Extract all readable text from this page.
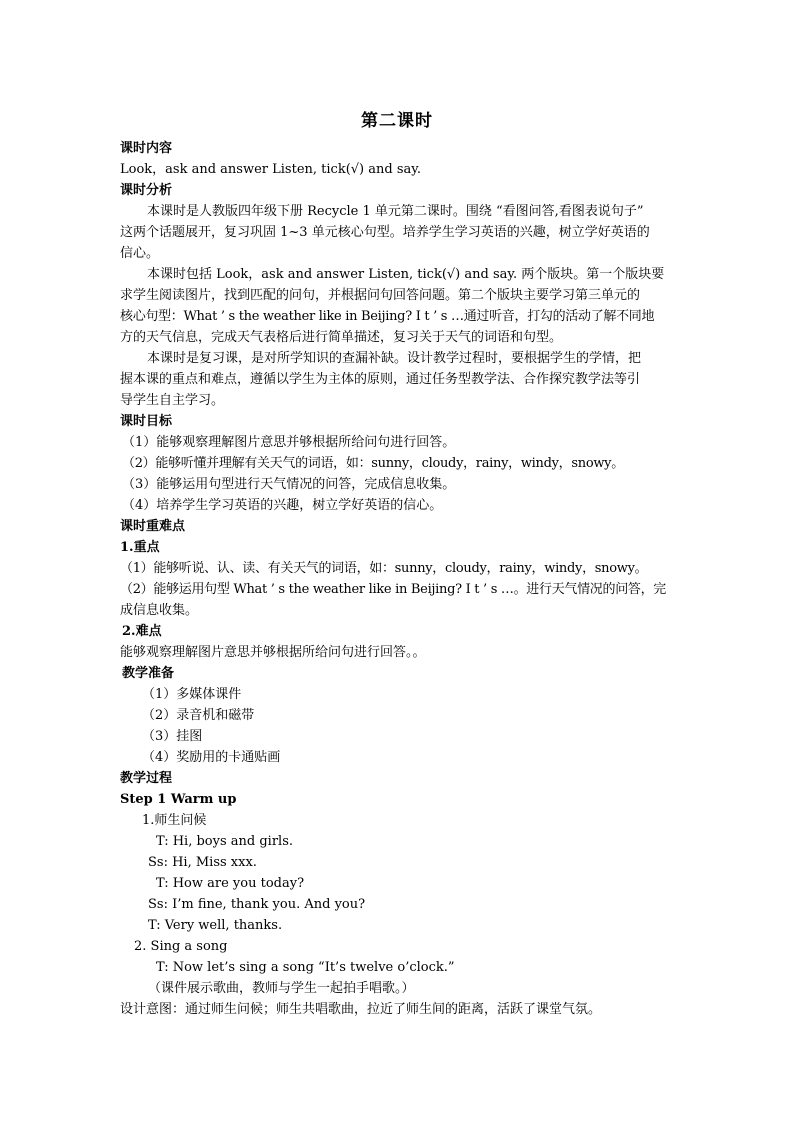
第二课时
课时内容
Look，ask and answer Listen, tick(√) and say.
课时分析
本课时是人教版四年级下册 Recycle 1 单元第二课时。围绕 “看图问答,看图表说句子”
这两个话题展开，复习巩固 1~3 单元核心句型。培养学生学习英语的兴趣，树立学好英语的
信心。
本课时包括 Look，ask and answer Listen, tick(√) and say. 两个版块。第一个版块要
求学生阅读图片，找到匹配的问句，并根据问句回答问题。第二个版块主要学习第三单元的
核心句型：What ’ s the weather like in Beijing? I t ’ s …通过听音，打勾的活动了解不同地
方的天气信息，完成天气表格后进行简单描述，复习关于天气的词语和句型。
本课时是复习课，是对所学知识的查漏补缺。设计教学过程时，要根据学生的学情，把
握本课的重点和难点，遵循以学生为主体的原则，通过任务型教学法、合作探究教学法等引
导学生自主学习。
课时目标
（1）能够观察理解图片意思并够根据所给问句进行回答。
（2）能够听懂并理解有关天气的词语，如：sunny，cloudy，rainy，windy，snowy。
（3）能够运用句型进行天气情况的问答，完成信息收集。
（4）培养学生学习英语的兴趣，树立学好英语的信心。
课时重难点
1.重点
（1）能够听说、认、读、有关天气的词语，如：sunny，cloudy，rainy，windy，snowy。
（2）能够运用句型 What ’ s the weather like in Beijing? I t ’ s …。进行天气情况的问答，完
成信息收集。
2.难点
能够观察理解图片意思并够根据所给问句进行回答。。
教学准备
（1）多媒体课件
（2）录音机和磁带
（3）挂图
（4）奖励用的卡通贴画
教学过程
Step 1 Warm up
1.师生问候
T: Hi, boys and girls.
Ss: Hi, Miss xxx.
T: How are you today?
Ss: I’m fine, thank you. And you?
T: Very well, thanks.
2. Sing a song
T: Now let’s sing a song “It’s twelve o’clock.”
（课件展示歌曲，教师与学生一起拍手唱歌。）
设计意图：通过师生问候；师生共唱歌曲，拉近了师生间的距离，活跃了课堂气氛。
